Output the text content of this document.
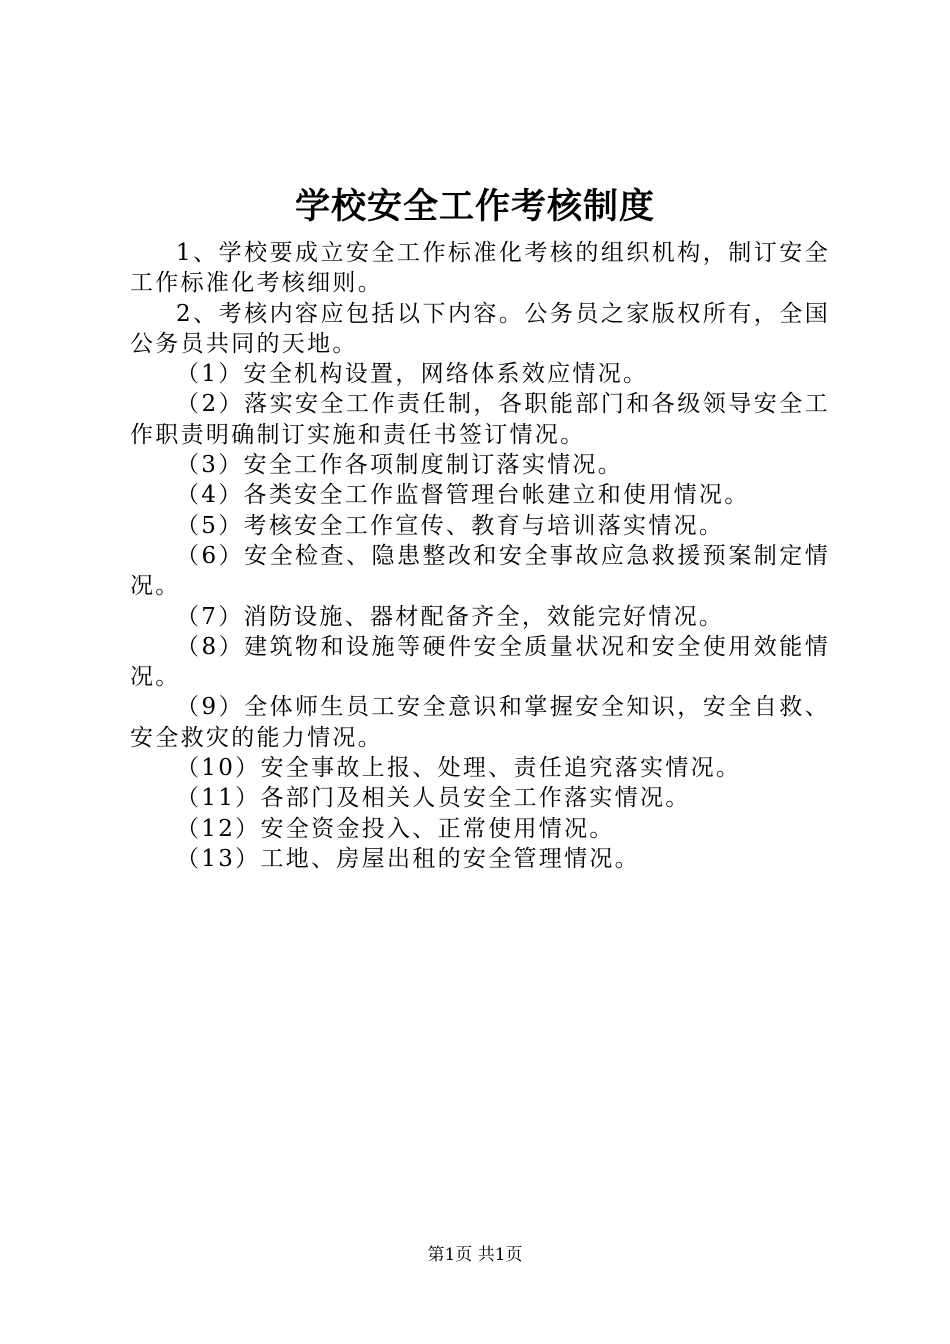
学校安全工作考核制度

1、学校要成立安全工作标准化考核的组织机构，制订安全工作标准化考核细则。

2、考核内容应包括以下内容。公务员之家版权所有，全国公务员共同的天地。

（1）安全机构设置，网络体系效应情况。

（2）落实安全工作责任制，各职能部门和各级领导安全工作职责明确制订实施和责任书签订情况。

（3）安全工作各项制度制订落实情况。

（4）各类安全工作监督管理台帐建立和使用情况。

（5）考核安全工作宣传、教育与培训落实情况。

（6）安全检查、隐患整改和安全事故应急救援预案制定情况。

（7）消防设施、器材配备齐全，效能完好情况。

（8）建筑物和设施等硬件安全质量状况和安全使用效能情况。

（9）全体师生员工安全意识和掌握安全知识，安全自救、安全救灾的能力情况。

（10）安全事故上报、处理、责任追究落实情况。

（11）各部门及相关人员安全工作落实情况。

（12）安全资金投入、正常使用情况。

（13）工地、房屋出租的安全管理情况。

第1页 共1页
